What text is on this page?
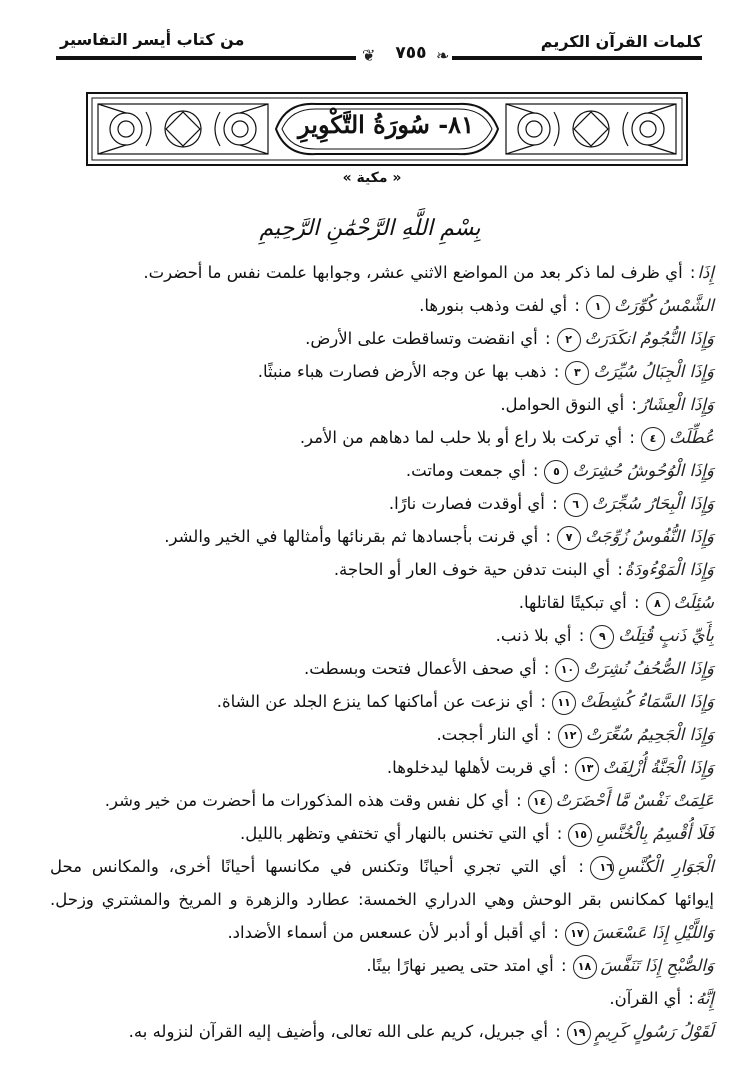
من كتاب أيسر التفاسير	كلمات القرآن الكريم
❦	٧٥٥ ❧
٨١- سُورَةُ التَّكْوِيرِ
« مكية »
بِسْمِ اللَّهِ الرَّحْمَٰنِ الرَّحِيمِ
إِذَا: أي ظرف لما ذكر بعد من المواضع الاثني عشر، وجوابها علمت نفس ما أحضرت.
الشَّمْسُ كُوِّرَتْ١: أي لفت وذهب بنورها.
وَإِذَا النُّجُومُ انكَدَرَتْ٢: أي انقضت وتساقطت على الأرض.
وَإِذَا الْجِبَالُ سُيِّرَتْ٣: ذهب بها عن وجه الأرض فصارت هباء منبثًا.
وَإِذَا الْعِشَارُ: أي النوق الحوامل.
عُطِّلَتْ٤: أي تركت بلا راع أو بلا حلب لما دهاهم من الأمر.
وَإِذَا الْوُحُوشُ حُشِرَتْ٥: أي جمعت وماتت.
وَإِذَا الْبِحَارُ سُجِّرَتْ٦: أي أوقدت فصارت نارًا.
وَإِذَا النُّفُوسُ زُوِّجَتْ٧: أي قرنت بأجسادها ثم بقرنائها وأمثالها في الخير والشر.
وَإِذَا الْمَوْءُودَةُ: أي البنت تدفن حية خوف العار أو الحاجة.
سُئِلَتْ٨: أي تبكيتًا لقاتلها.
بِأَيِّ ذَنبٍ قُتِلَتْ٩: أي بلا ذنب.
وَإِذَا الصُّحُفُ نُشِرَتْ١٠: أي صحف الأعمال فتحت وبسطت.
وَإِذَا السَّمَاءُ كُشِطَتْ١١: أي نزعت عن أماكنها كما ينزع الجلد عن الشاة.
وَإِذَا الْجَحِيمُ سُعِّرَتْ١٢: أي النار أججت.
وَإِذَا الْجَنَّةُ أُزْلِفَتْ١٣: أي قربت لأهلها ليدخلوها.
عَلِمَتْ نَفْسٌ مَّا أَحْضَرَتْ١٤: أي كل نفس وقت هذه المذكورات ما أحضرت من خير وشر.
فَلَا أُقْسِمُ بِالْخُنَّسِ١٥: أي التي تخنس بالنهار أي تختفي وتظهر بالليل.
الْجَوَارِ الْكُنَّسِ١٦: أي التي تجري أحيانًا وتكنس في مكانسها أحيانًا أخرى، والمكانس محل
إيوائها كمكانس بقر الوحش وهي الدراري الخمسة: عطارد والزهرة و المريخ والمشتري وزحل.
وَاللَّيْلِ إِذَا عَسْعَسَ١٧: أي أقبل أو أدبر لأن عسعس من أسماء الأضداد.
وَالصُّبْحِ إِذَا تَنَفَّسَ١٨: أي امتد حتى يصير نهارًا بينًا.
إِنَّهُ: أي القرآن.
لَقَوْلُ رَسُولٍ كَرِيمٍ١٩: أي جبريل، كريم على الله تعالى، وأضيف إليه القرآن لنزوله به.
